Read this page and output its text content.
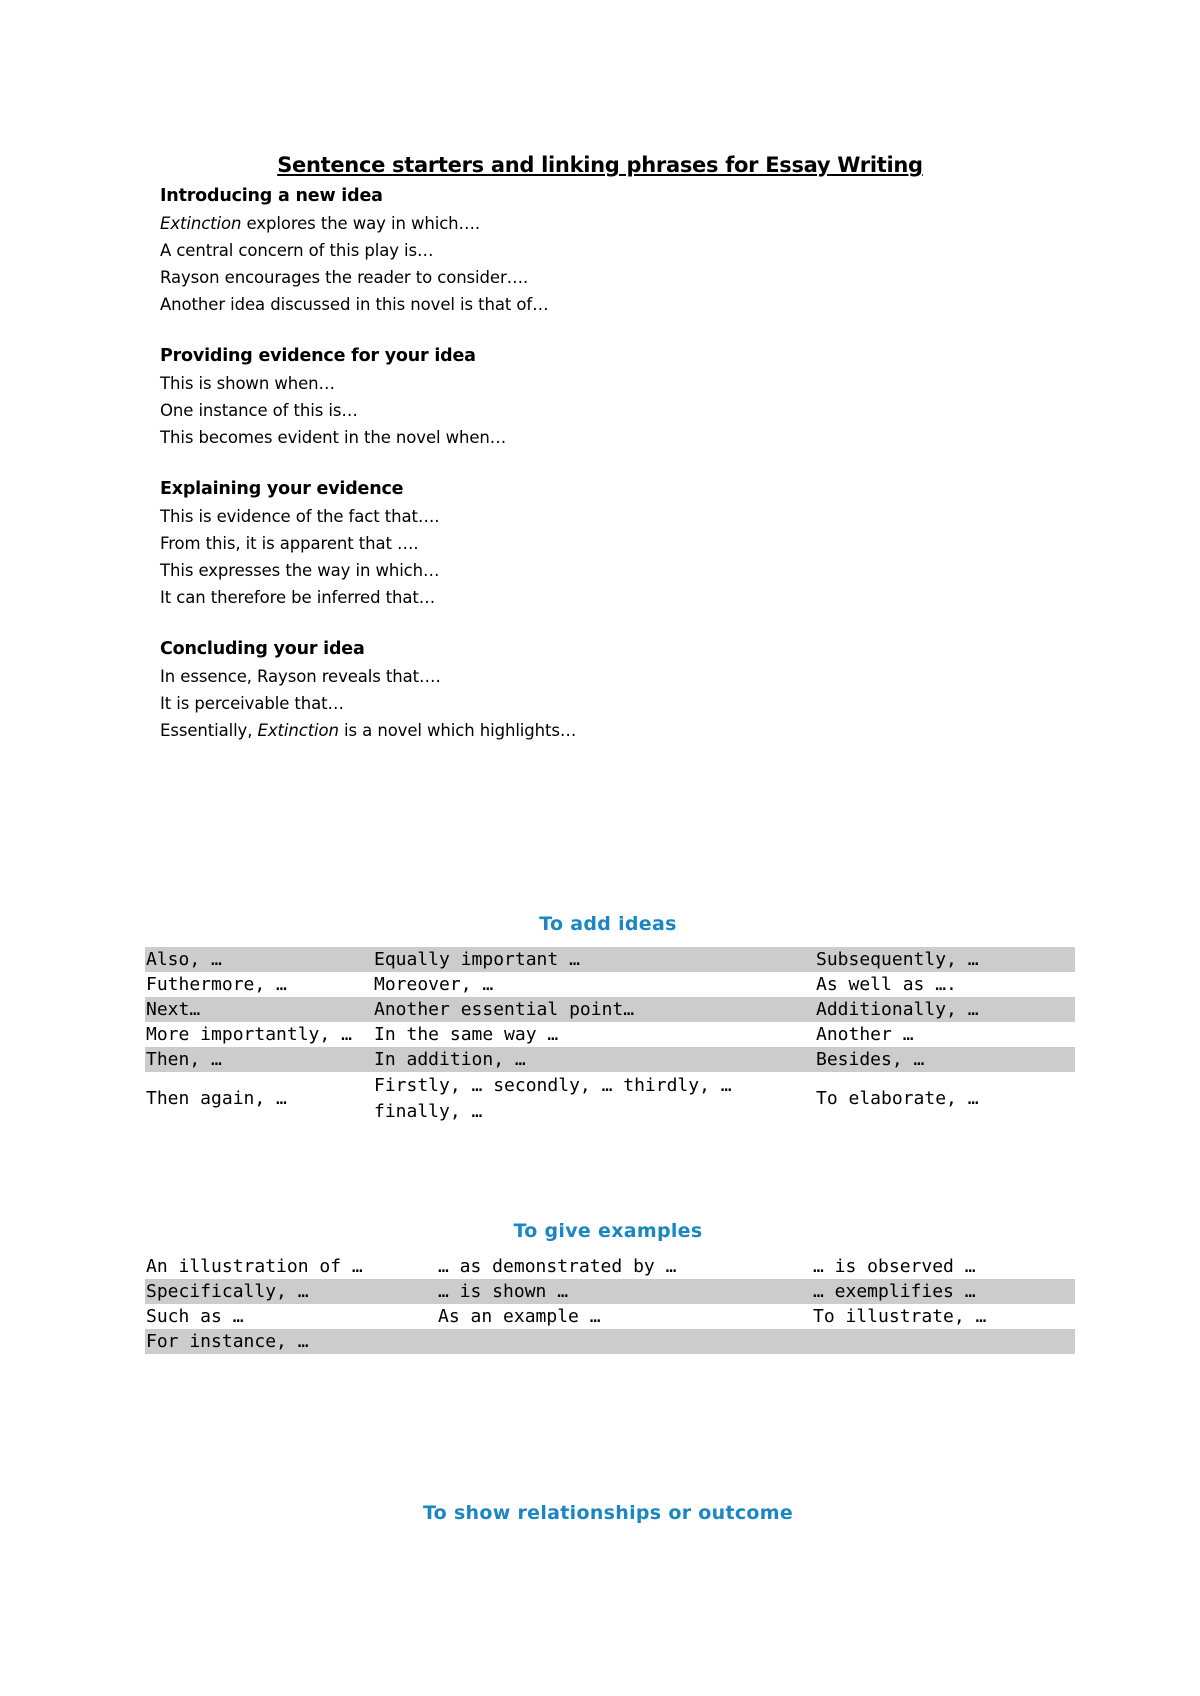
Sentence starters and linking phrases for Essay Writing
Introducing a new idea
Extinction explores the way in which….
A central concern of this play is…
Rayson encourages the reader to consider….
Another idea discussed in this novel is that of…
Providing evidence for your idea
This is shown when…
One instance of this is…
This becomes evident in the novel when…
Explaining your evidence
This is evidence of the fact that….
From this, it is apparent that ….
This expresses the way in which…
It can therefore be inferred that…
Concluding your idea
In essence, Rayson reveals that….
It is perceivable that…
Essentially, Extinction is a novel which highlights…
To add ideas
Also, …	Equally important …	Subsequently, …
Futhermore, …	Moreover, …	As well as ….
Next…	Another essential point…	Additionally, …
More importantly, …	In the same way …	Another …
Then, …	In addition, …	Besides, …
Then again, …	Firstly, … secondly, … thirdly, … finally, …	To elaborate, …
To give examples
An illustration of …	… as demonstrated by …	… is observed …
Specifically, …	… is shown …	… exemplifies …
Such as …	As an example …	To illustrate, …
For instance, …		
To show relationships or outcome
